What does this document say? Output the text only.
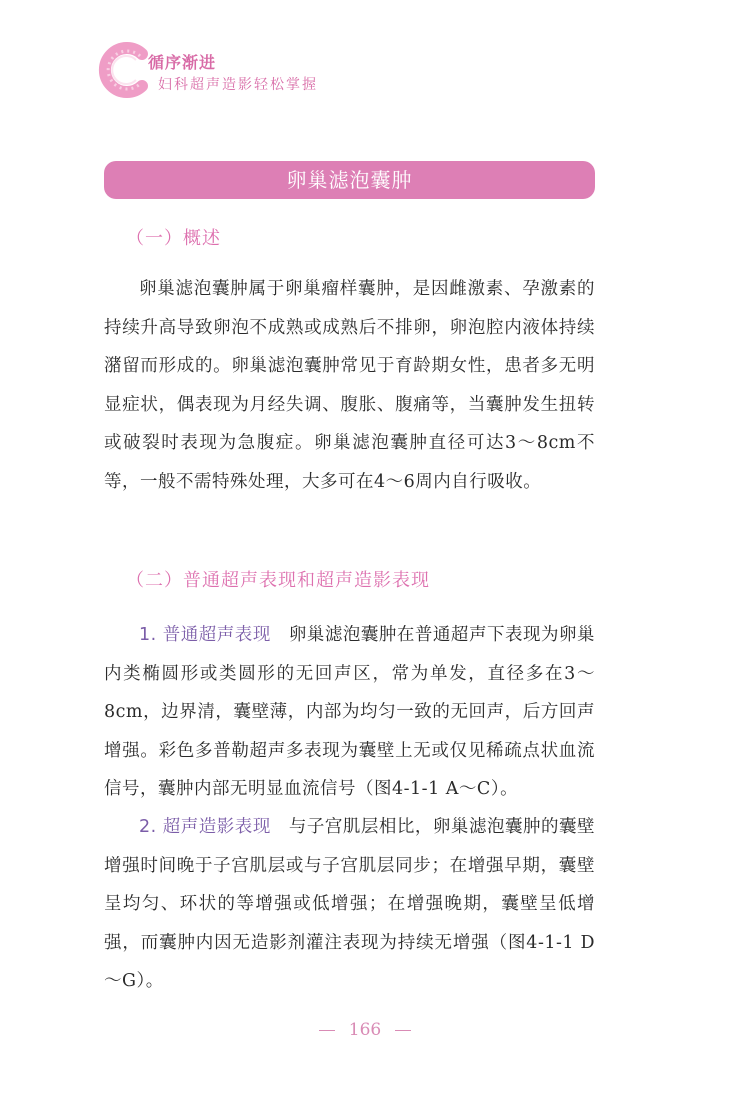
循序渐进
妇科超声造影轻松掌握
卵巢滤泡囊肿
（一）概述

卵巢滤泡囊肿属于卵巢瘤样囊肿，是因雌激素、孕激素的持续升高导致卵泡不成熟或成熟后不排卵，卵泡腔内液体持续潴留而形成的。卵巢滤泡囊肿常见于育龄期女性，患者多无明显症状，偶表现为月经失调、腹胀、腹痛等，当囊肿发生扭转或破裂时表现为急腹症。卵巢滤泡囊肿直径可达3～8cm不等，一般不需特殊处理，大多可在4～6周内自行吸收。

（二）普通超声表现和超声造影表现

1. 普通超声表现　 卵巢滤泡囊肿在普通超声下表现为卵巢内类椭圆形或类圆形的无回声区，常为单发，直径多在3～8cm，边界清，囊壁薄，内部为均匀一致的无回声，后方回声增强。彩色多普勒超声多表现为囊壁上无或仅见稀疏点状血流信号，囊肿内部无明显血流信号（图4-1-1 A～C）。

2. 超声造影表现　 与子宫肌层相比，卵巢滤泡囊肿的囊壁增强时间晚于子宫肌层或与子宫肌层同步；在增强早期，囊壁呈均匀、环状的等增强或低增强；在增强晚期，囊壁呈低增强，而囊肿内因无造影剂灌注表现为持续无增强（图4-1-1 D～G）。

166
